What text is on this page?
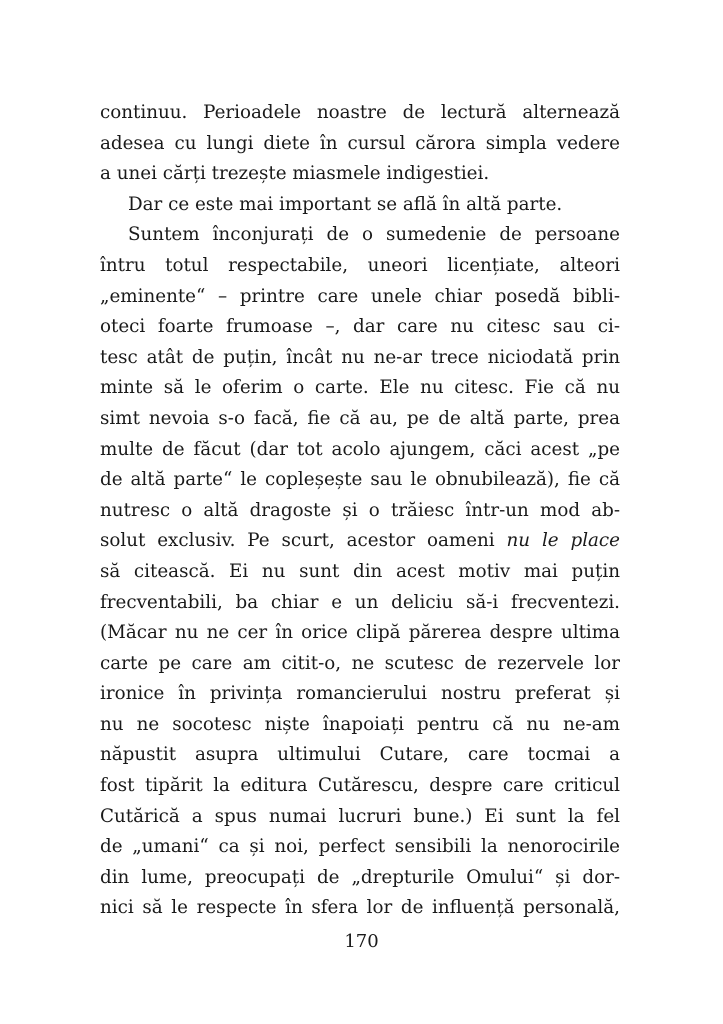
continuu. Perioadele noastre de lectură alternează
adesea cu lungi diete în cursul cărora simpla vedere
a unei cărți trezește miasmele indigestiei.
Dar ce este mai important se află în altă parte.
Suntem înconjurați de o sumedenie de persoane
întru totul respectabile, uneori licențiate, alteori
„eminente“ – printre care unele chiar posedă bibli-
oteci foarte frumoase –, dar care nu citesc sau ci-
tesc atât de puțin, încât nu ne-ar trece niciodată prin
minte să le oferim o carte. Ele nu citesc. Fie că nu
simt nevoia s-o facă, fie că au, pe de altă parte, prea
multe de făcut (dar tot acolo ajungem, căci acest „pe
de altă parte“ le copleșește sau le obnubilează), fie că
nutresc o altă dragoste și o trăiesc într-un mod ab-
solut exclusiv. Pe scurt, acestor oameni nu le place
să citească. Ei nu sunt din acest motiv mai puțin
frecventabili, ba chiar e un deliciu să-i frecventezi.
(Măcar nu ne cer în orice clipă părerea despre ultima
carte pe care am citit-o, ne scutesc de rezervele lor
ironice în privința romancierului nostru preferat și
nu ne socotesc niște înapoiați pentru că nu ne-am
năpustit asupra ultimului Cutare, care tocmai a
fost tipărit la editura Cutărescu, despre care criticul
Cutărică a spus numai lucruri bune.) Ei sunt la fel
de „umani“ ca și noi, perfect sensibili la nenorocirile
din lume, preocupați de „drepturile Omului“ și dor-
nici să le respecte în sfera lor de influență personală,
170
